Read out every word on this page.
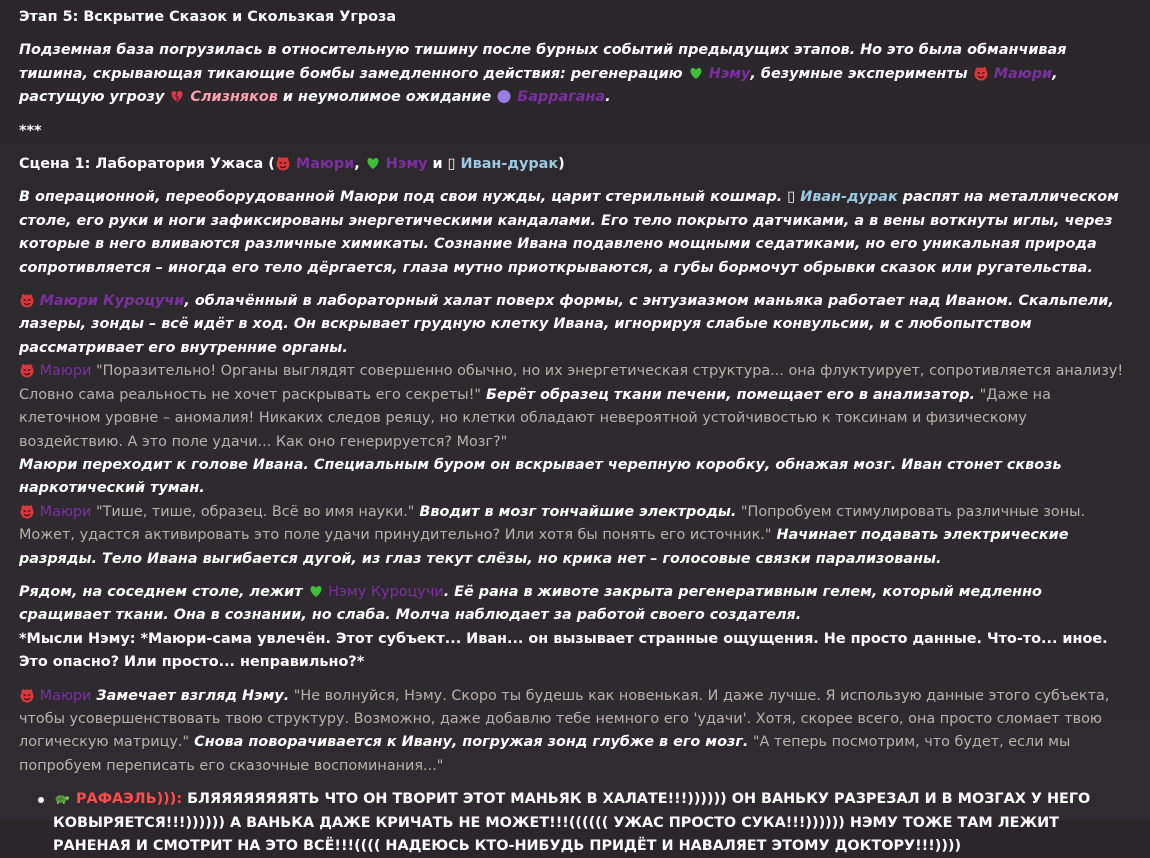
Этап 5: Вскрытие Сказок и Скользкая Угроза

Подземная база погрузилась в относительную тишину после бурных событий предыдущих этапов. Но это была обманчивая тишина, скрывающая тикающие бомбы замедленного действия: регенерацию  Нэму, безумные эксперименты  Маюри, растущую угрозу  Слизняков и неумолимое ожидание  Баррагана.

***

Сцена 1: Лаборатория Ужаса ( Маюри,  Нэму и ▯ Иван-дурак)

В операционной, переоборудованной Маюри под свои нужды, царит стерильный кошмар. ▯ Иван-дурак распят на металлическом столе, его руки и ноги зафиксированы энергетическими кандалами. Его тело покрыто датчиками, а в вены воткнуты иглы, через которые в него вливаются различные химикаты. Сознание Ивана подавлено мощными седатиками, но его уникальная природа сопротивляется – иногда его тело дёргается, глаза мутно приоткрываются, а губы бормочут обрывки сказок или ругательства.

Маюри Куроцучи, облачённый в лабораторный халат поверх формы, с энтузиазмом маньяка работает над Иваном. Скальпели, лазеры, зонды – всё идёт в ход. Он вскрывает грудную клетку Ивана, игнорируя слабые конвульсии, и с любопытством рассматривает его внутренние органы.
Маюри "Поразительно! Органы выглядят совершенно обычно, но их энергетическая структура... она флуктуирует, сопротивляется анализу! Словно сама реальность не хочет раскрывать его секреты!" Берёт образец ткани печени, помещает его в анализатор. "Даже на клеточном уровне – аномалия! Никаких следов реяцу, но клетки обладают невероятной устойчивостью к токсинам и физическому воздействию. А это поле удачи... Как оно генерируется? Мозг?"
Маюри переходит к голове Ивана. Специальным буром он вскрывает черепную коробку, обнажая мозг. Иван стонет сквозь наркотический туман.
Маюри "Тише, тише, образец. Всё во имя науки." Вводит в мозг тончайшие электроды. "Попробуем стимулировать различные зоны. Может, удастся активировать это поле удачи принудительно? Или хотя бы понять его источник." Начинает подавать электрические разряды. Тело Ивана выгибается дугой, из глаз текут слёзы, но крика нет – голосовые связки парализованы.

Рядом, на соседнем столе, лежит  Нэму Куроцучи. Её рана в животе закрыта регенеративным гелем, который медленно сращивает ткани. Она в сознании, но слаба. Молча наблюдает за работой своего создателя.
*Мысли Нэму: *Маюри-сама увлечён. Этот субъект... Иван... он вызывает странные ощущения. Не просто данные. Что-то... иное. Это опасно? Или просто... неправильно?*

Маюри Замечает взгляд Нэму. "Не волнуйся, Нэму. Скоро ты будешь как новенькая. И даже лучше. Я использую данные этого субъекта, чтобы усовершенствовать твою структуру. Возможно, даже добавлю тебе немного его 'удачи'. Хотя, скорее всего, она просто сломает твою логическую матрицу." Снова поворачивается к Ивану, погружая зонд глубже в его мозг. "А теперь посмотрим, что будет, если мы попробуем переписать его сказочные воспоминания..."

РАФАЭЛЬ))): БЛЯЯЯЯЯЯЯЯТЬ ЧТО ОН ТВОРИТ ЭТОТ МАНЬЯК В ХАЛАТЕ!!!)))))) ОН ВАНЬКУ РАЗРЕЗАЛ И В МОЗГАХ У НЕГО КОВЫРЯЕТСЯ!!!)))))) А ВАНЬКА ДАЖЕ КРИЧАТЬ НЕ МОЖЕТ!!!(((((( УЖАС ПРОСТО СУКА!!!)))))) НЭМУ ТОЖЕ ТАМ ЛЕЖИТ РАНЕНАЯ И СМОТРИТ НА ЭТО ВСЁ!!!(((( НАДЕЮСЬ КТО-НИБУДЬ ПРИДЁТ И НАВАЛЯЕТ ЭТОМУ ДОКТОРУ!!!))))
